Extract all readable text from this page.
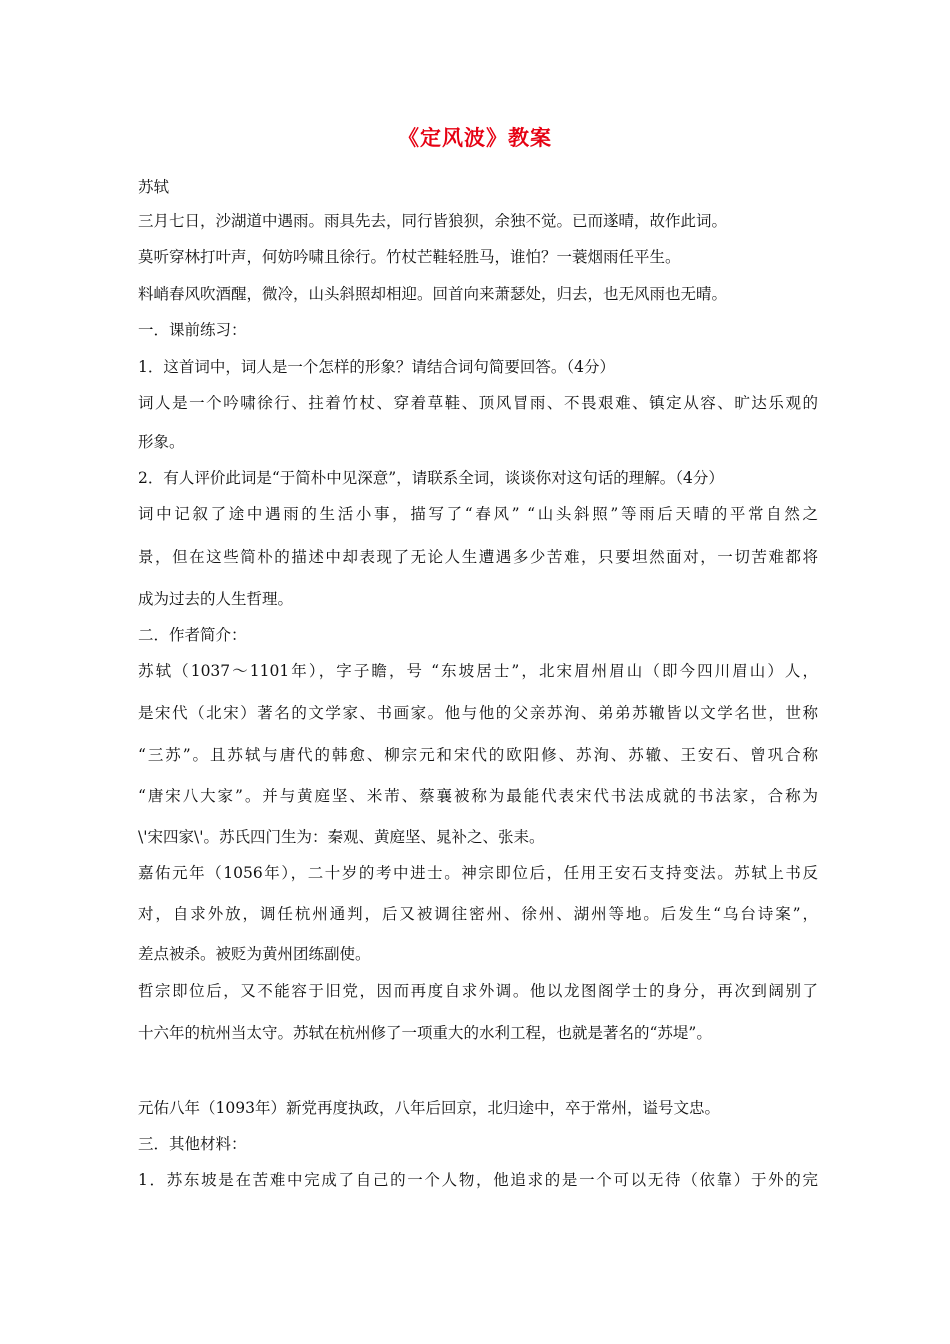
《定风波》教案
苏轼
三月七日，沙湖道中遇雨。雨具先去，同行皆狼狈，余独不觉。已而遂晴，故作此词。
莫听穿林打叶声，何妨吟啸且徐行。竹杖芒鞋轻胜马，谁怕？一蓑烟雨任平生。
料峭春风吹酒醒，微冷，山头斜照却相迎。回首向来萧瑟处，归去，也无风雨也无晴。
一．课前练习：
1．这首词中，词人是一个怎样的形象？请结合词句简要回答。（4分）
词人是一个吟啸徐行、拄着竹杖、穿着草鞋、顶风冒雨、不畏艰难、镇定从容、旷达乐观的
形象。
2．有人评价此词是“于简朴中见深意”，请联系全词，谈谈你对这句话的理解。（4分）
词中记叙了途中遇雨的生活小事，描写了“春风” “山头斜照”等雨后天晴的平常自然之
景，但在这些简朴的描述中却表现了无论人生遭遇多少苦难，只要坦然面对，一切苦难都将
成为过去的人生哲理。
二．作者简介：
苏轼（1037～1101年），字子瞻，号 “东坡居士”，北宋眉州眉山（即今四川眉山）人，
是宋代（北宋）著名的文学家、书画家。他与他的父亲苏洵、弟弟苏辙皆以文学名世，世称
“三苏”。且苏轼与唐代的韩愈、柳宗元和宋代的欧阳修、苏洵、苏辙、王安石、曾巩合称
“唐宋八大家”。并与黄庭坚、米芾、蔡襄被称为最能代表宋代书法成就的书法家，合称为
\'宋四家\'。苏氏四门生为：秦观、黄庭坚、晁补之、张耒。
嘉佑元年（1056年），二十岁的考中进士。神宗即位后，任用王安石支持变法。苏轼上书反
对，自求外放，调任杭州通判，后又被调往密州、徐州、湖州等地。后发生“乌台诗案”，
差点被杀。被贬为黄州团练副使。
哲宗即位后，又不能容于旧党，因而再度自求外调。他以龙图阁学士的身分，再次到阔别了
十六年的杭州当太守。苏轼在杭州修了一项重大的水利工程，也就是著名的“苏堤”。
元佑八年（1093年）新党再度执政，八年后回京，北归途中，卒于常州，谥号文忠。
三．其他材料：
1．苏东坡是在苦难中完成了自己的一个人物，他追求的是一个可以无待（依靠）于外的完
